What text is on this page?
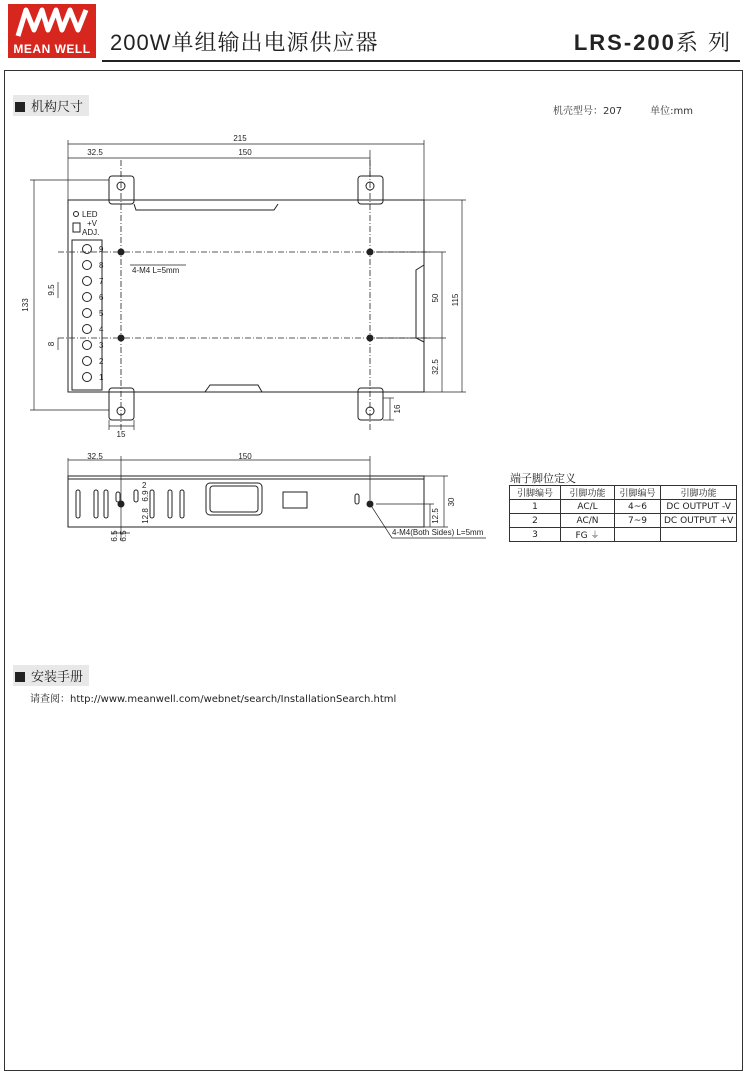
MEAN WELL 200W单组输出电源供应器	LRS-200系 列
机构尺寸	机壳型号：207	单位:mm
9
8
7
6
5
4
3
2
1
LED
+V
ADJ.
215
32.5	150
133	115
50
32.5
9.5
8
15
16
4-M4 L=5mm
32.5	150
30
12.5
12.8
6.9
2
6.5 6.5	4-M4(Both Sides) L=5mm
端子脚位定义
引脚编号	引脚功能	引脚编号	引脚功能
1	AC/L	4~6	DC OUTPUT -V
2	AC/N	7~9	DC OUTPUT +V
3	FG ⏚		
安装手册
请查阅：http://www.meanwell.com/webnet/search/InstallationSearch.html
